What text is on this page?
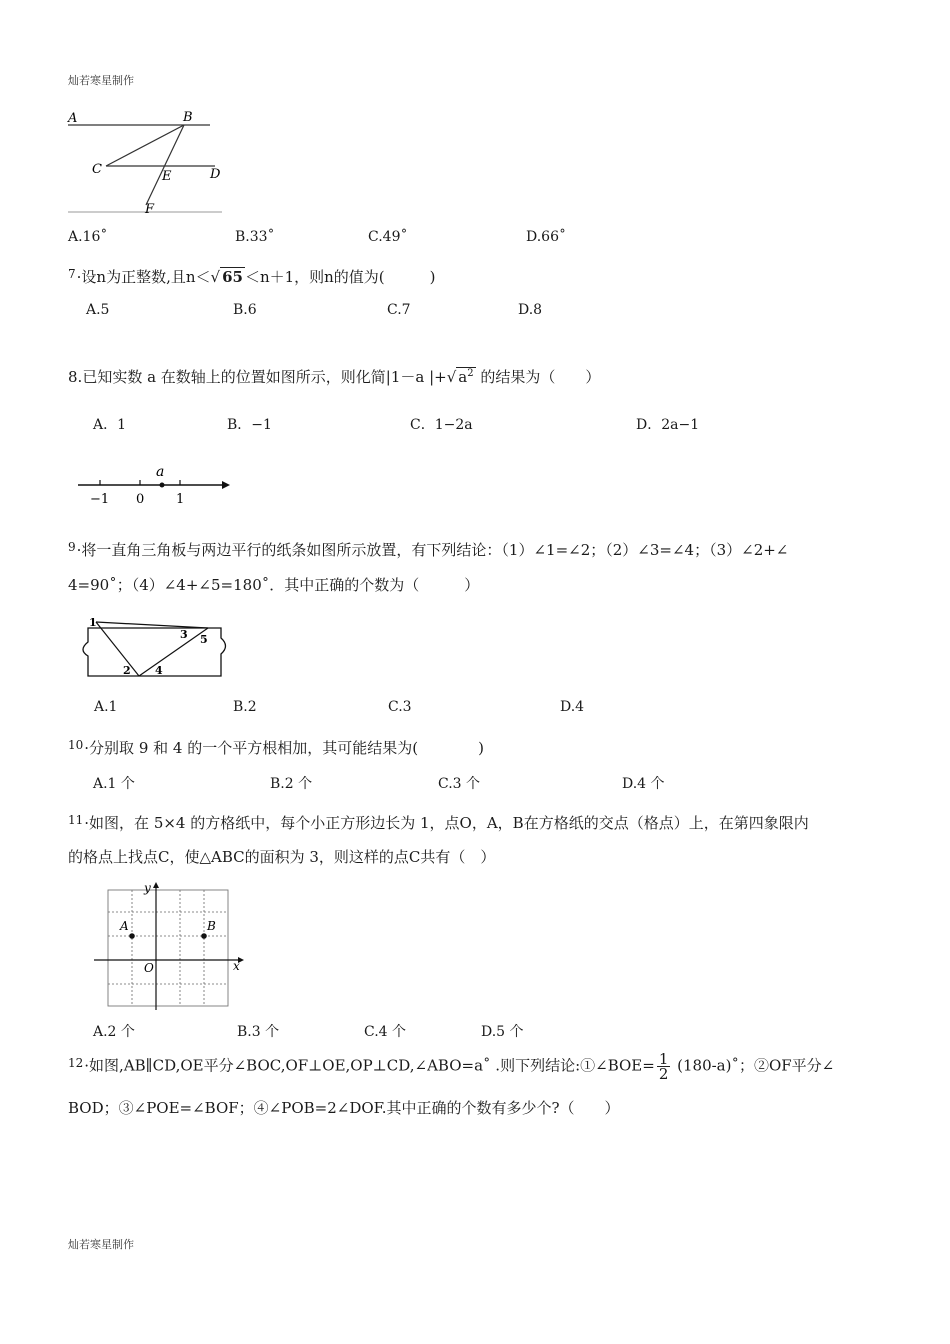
灿若寒星制作
A	B
C	D
E
F
A.16˚	B.33˚	C.49˚	D.66˚
$^7$·设n为正整数,且n＜√ 65 ＜n＋1，则n的值为(　　　)
A.5	B.6	C.7	D.8
8.已知实数 a 在数轴上的位置如图所示，则化简|1－a |+√ $a^2$ 的结果为（　　）
A．1	B．−1	C．1−2a	D．2a−1
a
−1 0 1
$^9$·将一直角三角板与两边平行的纸条如图所示放置，有下列结论：（1）∠1=∠2；（2）∠3=∠4；（3）∠2+∠
4=90˚；（4）∠4+∠5=180˚．其中正确的个数为（　　　）
1
2
3
4
5
A.1	B.2	C.3	D.4
$^{10}$·分别取 9 和 4 的一个平方根相加，其可能结果为(　　　　)
A.1 个	B.2 个	C.3 个	D.4 个
$^{11}$·如图，在 5×4 的方格纸中，每个小正方形边长为 1，点O，A，B在方格纸的交点（格点）上，在第四象限内
的格点上找点C，使△ABC的面积为 3，则这样的点C共有（　）
y
x
O
A	B
A.2 个	B.3 个	C.4 个	D.5 个
$^{12}$·如图,AB∥CD,OE平分∠BOC,OF⊥OE,OP⊥CD,∠ABO=a˚ .则下列结论:①∠BOE= $\frac{1}{2}$ (180-a)˚；②OF平分∠
BOD；③∠POE=∠BOF；④∠POB=2∠DOF.其中正确的个数有多少个?（　　）
灿若寒星制作
